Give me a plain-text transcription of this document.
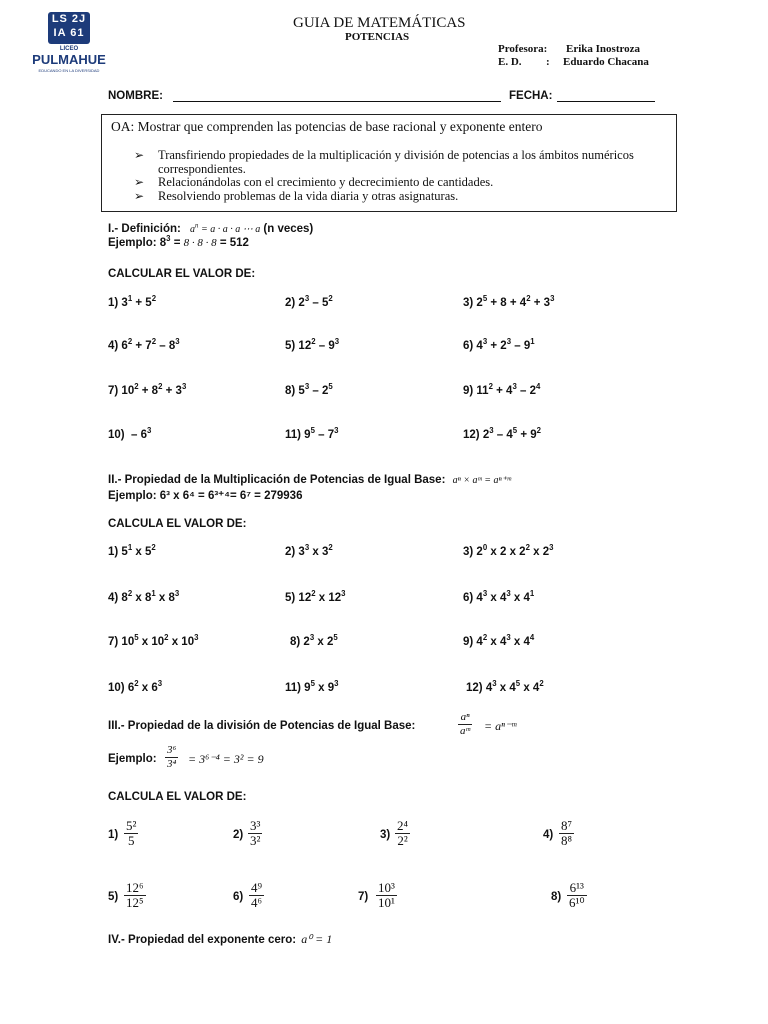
LS 2J
IA 61
LICEO
PULMAHUE
EDUCANDO EN LA DIVERSIDAD
GUIA DE MATEMÁTICAS
POTENCIAS
Profesora: Erika Inostroza
E. D. : Eduardo Chacana
NOMBRE:	FECHA:
OA: Mostrar que comprenden las potencias de base racional y exponente entero
➢ Transfiriendo propiedades de la multiplicación y división de potencias a los ámbitos numéricos correspondientes.
➢ Relacionándolas con el crecimiento y decrecimiento de cantidades.
➢ Resolviendo problemas de la vida diaria y otras asignaturas.
I.- Definición: $a^n = a \cdot a \cdot a$ ⋯ a (n veces)
Ejemplo: $8^3 = 8 \cdot 8 \cdot 8 = 512$
CALCULAR EL VALOR DE:
1) $3^1 + 5^2$	2) $2^3 - 5^2$	3) $2^5 + 8 + 4^2 + 3^3$
4) $6^2 + 7^2 - 8^3$	5) $12^2 - 9^3$	6) $4^3 + 2^3 - 9^1$
7) $10^2 + 8^2 + 3^3$	8) $5^3 - 2^5$	9) $11^2 + 4^3 - 2^4$
$10) - 6^3$	11) $9^5 - 7^3$	12) $2^3 - 4^5 + 9^2$
II.- Propiedad de la Multiplicación de Potencias de Igual Base: aⁿ × aᵐ = aⁿ⁺ᵐ
Ejemplo: 6³ x 6⁴ = 6³⁺⁴= 6⁷ = 279936
CALCULA EL VALOR DE:
1) $5^1$ x $5^2$	2) $3^3$ x $3^2$	3) $2^0$ x 2 x $2^2$ x $2^3$
4) $8^2$ x $8^1$ x $8^3$	5) $12^2$ x $12^3$	6) $4^3$ x $4^3$ x $4^1$
7) $10^5$ x $10^2$ x $10^3$	8) $2^3$ x $2^5$	9) $4^2$ x $4^3$ x $4^4$
10) $6^2$ x $6^3$	11) $9^5$ x $9^3$	12) $4^3$ x $4^5$ x $4^2$
III.- Propiedad de la división de Potencias de Igual Base:	$\frac{\text{aⁿ}}{\text{aᵐ}}$ = aⁿ⁻ᵐ
Ejemplo: $\frac{\text{3⁶}}{\text{3⁴}} = 3^{6-4} = 3^2 = 9$
CALCULA EL VALOR DE:
$1) \frac{\text{5²}}{5}$	$2) \frac{\text{3³}}{\text{3²}}$	$3) \frac{\text{2⁴}}{\text{2²}}$	$4) \frac{\text{8⁷}}{\text{8⁸}}$
$5) \frac{\text{12⁶}}{\text{12⁵}}$	$6) \frac{\text{4⁹}}{\text{4⁶}}$	$7) \frac{\text{10³}}{\text{10¹}}$	$8) \frac{\text{6¹³}}{\text{6¹⁰}}$
IV.- Propiedad del exponente cero: a⁰ = 1
